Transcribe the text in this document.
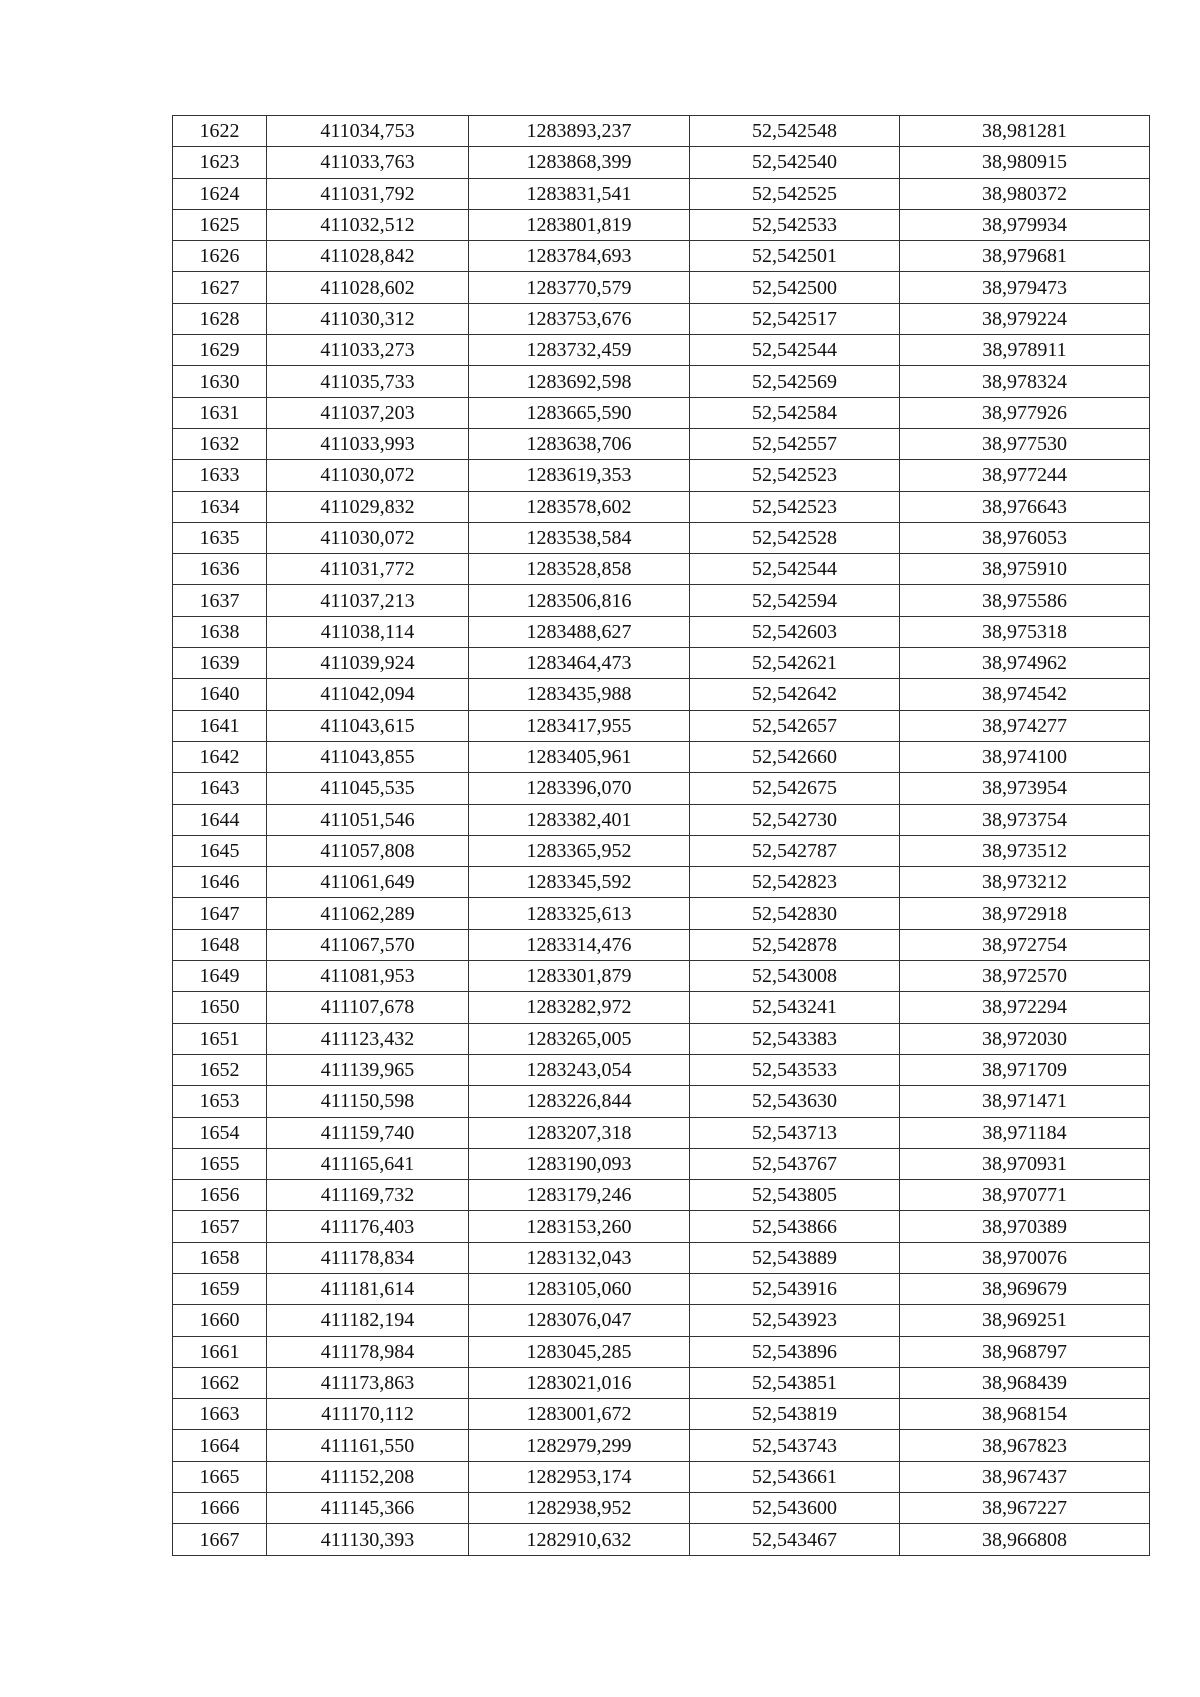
1622	411034,753	1283893,237	52,542548	38,981281
1623	411033,763	1283868,399	52,542540	38,980915
1624	411031,792	1283831,541	52,542525	38,980372
1625	411032,512	1283801,819	52,542533	38,979934
1626	411028,842	1283784,693	52,542501	38,979681
1627	411028,602	1283770,579	52,542500	38,979473
1628	411030,312	1283753,676	52,542517	38,979224
1629	411033,273	1283732,459	52,542544	38,978911
1630	411035,733	1283692,598	52,542569	38,978324
1631	411037,203	1283665,590	52,542584	38,977926
1632	411033,993	1283638,706	52,542557	38,977530
1633	411030,072	1283619,353	52,542523	38,977244
1634	411029,832	1283578,602	52,542523	38,976643
1635	411030,072	1283538,584	52,542528	38,976053
1636	411031,772	1283528,858	52,542544	38,975910
1637	411037,213	1283506,816	52,542594	38,975586
1638	411038,114	1283488,627	52,542603	38,975318
1639	411039,924	1283464,473	52,542621	38,974962
1640	411042,094	1283435,988	52,542642	38,974542
1641	411043,615	1283417,955	52,542657	38,974277
1642	411043,855	1283405,961	52,542660	38,974100
1643	411045,535	1283396,070	52,542675	38,973954
1644	411051,546	1283382,401	52,542730	38,973754
1645	411057,808	1283365,952	52,542787	38,973512
1646	411061,649	1283345,592	52,542823	38,973212
1647	411062,289	1283325,613	52,542830	38,972918
1648	411067,570	1283314,476	52,542878	38,972754
1649	411081,953	1283301,879	52,543008	38,972570
1650	411107,678	1283282,972	52,543241	38,972294
1651	411123,432	1283265,005	52,543383	38,972030
1652	411139,965	1283243,054	52,543533	38,971709
1653	411150,598	1283226,844	52,543630	38,971471
1654	411159,740	1283207,318	52,543713	38,971184
1655	411165,641	1283190,093	52,543767	38,970931
1656	411169,732	1283179,246	52,543805	38,970771
1657	411176,403	1283153,260	52,543866	38,970389
1658	411178,834	1283132,043	52,543889	38,970076
1659	411181,614	1283105,060	52,543916	38,969679
1660	411182,194	1283076,047	52,543923	38,969251
1661	411178,984	1283045,285	52,543896	38,968797
1662	411173,863	1283021,016	52,543851	38,968439
1663	411170,112	1283001,672	52,543819	38,968154
1664	411161,550	1282979,299	52,543743	38,967823
1665	411152,208	1282953,174	52,543661	38,967437
1666	411145,366	1282938,952	52,543600	38,967227
1667	411130,393	1282910,632	52,543467	38,966808
